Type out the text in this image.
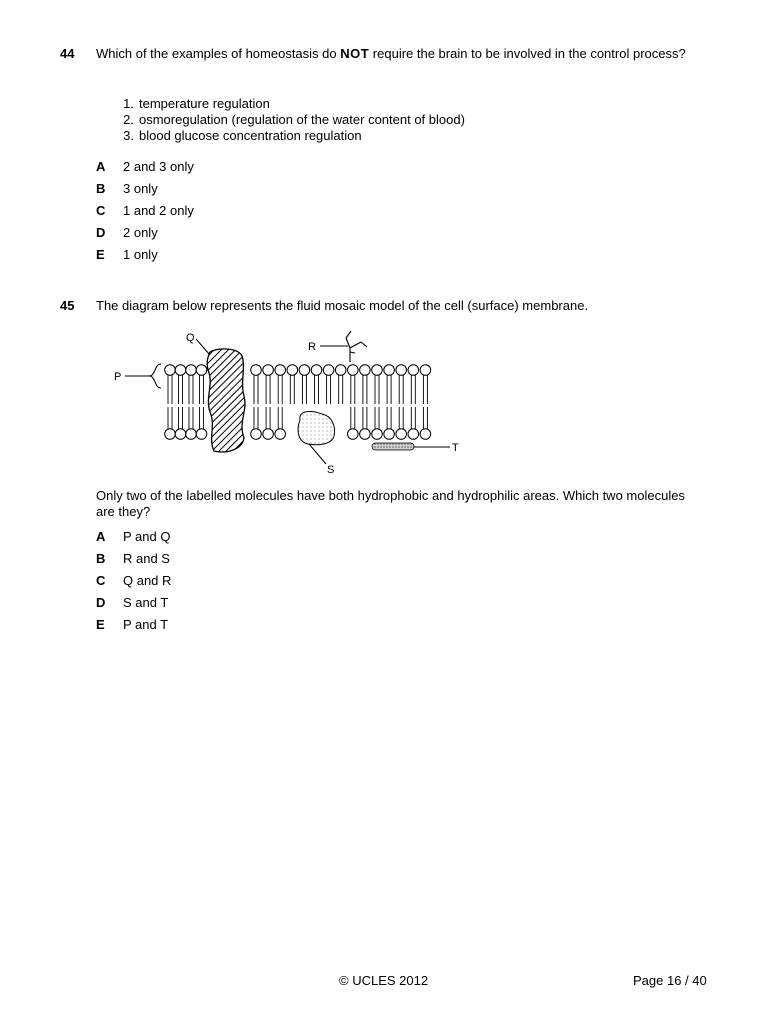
44 Which of the examples of homeostasis do NOT require the brain to be involved in the control process?
1. temperature regulation
2. osmoregulation (regulation of the water content of blood)
3. blood glucose concentration regulation
A 2 and 3 only
B 3 only
C 1 and 2 only
D 2 only
E 1 only
45 The diagram below represents the fluid mosaic model of the cell (surface) membrane.
P
Q
R
S
T
Only two of the labelled molecules have both hydrophobic and hydrophilic areas. Which two molecules are they?
A P and Q
B R and S
C Q and R
D S and T
E P and T
© UCLES 2012	Page 16 / 40
